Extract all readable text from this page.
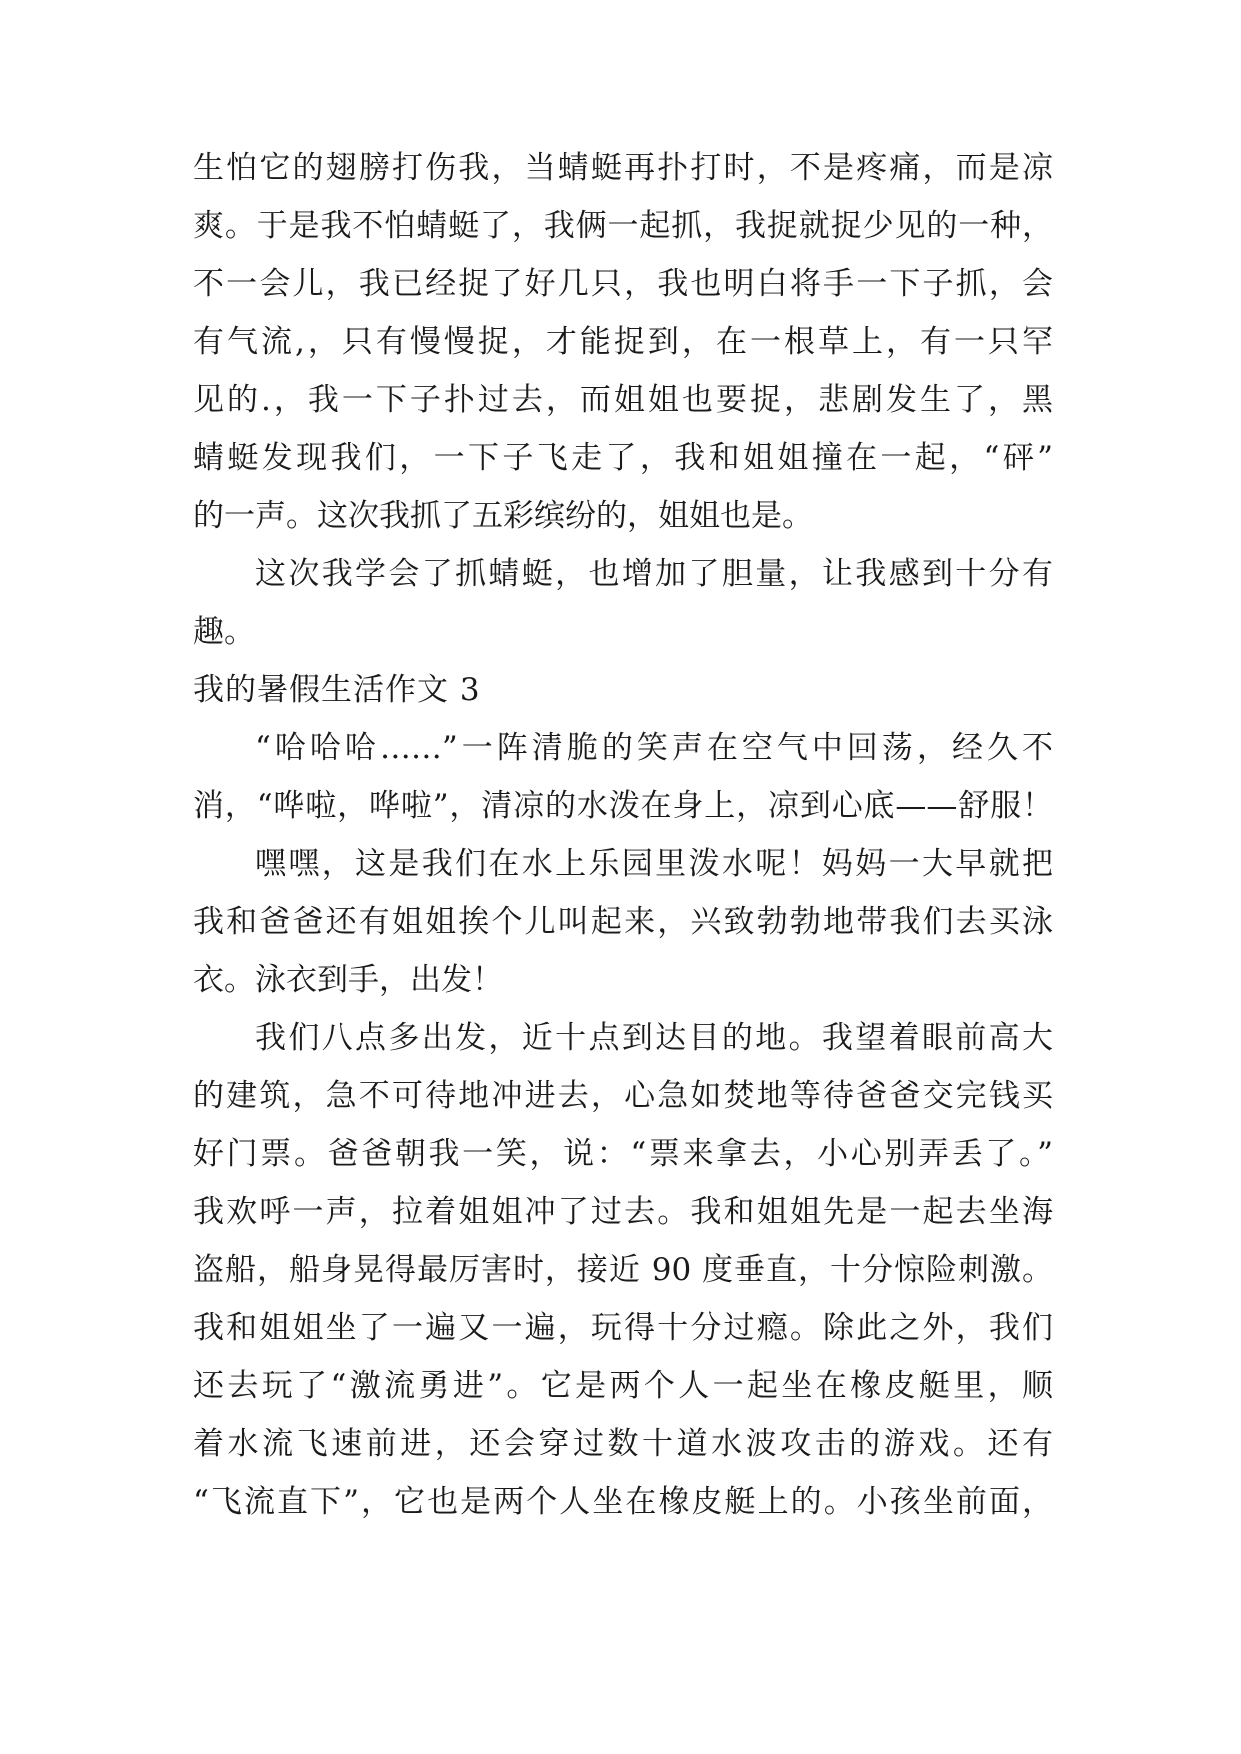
生怕它的翅膀打伤我，当蜻蜓再扑打时，不是疼痛，而是凉
爽。于是我不怕蜻蜓了，我俩一起抓，我捉就捉少见的一种，
不一会儿，我已经捉了好几只，我也明白将手一下子抓，会
有气流,，只有慢慢捉，才能捉到，在一根草上，有一只罕
见的.，我一下子扑过去，而姐姐也要捉，悲剧发生了，黑
蜻蜓发现我们，一下子飞走了，我和姐姐撞在一起，“砰”
的一声。这次我抓了五彩缤纷的，姐姐也是。
这次我学会了抓蜻蜓，也增加了胆量，让我感到十分有
趣。
我的暑假生活作文 3
“哈哈哈……”一阵清脆的笑声在空气中回荡，经久不
消，“哗啦，哗啦”，清凉的水泼在身上，凉到心底——舒服！
嘿嘿，这是我们在水上乐园里泼水呢！妈妈一大早就把
我和爸爸还有姐姐挨个儿叫起来，兴致勃勃地带我们去买泳
衣。泳衣到手，出发！
我们八点多出发，近十点到达目的地。我望着眼前高大
的建筑，急不可待地冲进去，心急如焚地等待爸爸交完钱买
好门票。爸爸朝我一笑，说：“票来拿去，小心别弄丢了。”
我欢呼一声，拉着姐姐冲了过去。我和姐姐先是一起去坐海
盗船，船身晃得最厉害时，接近 90 度垂直，十分惊险刺激。
我和姐姐坐了一遍又一遍，玩得十分过瘾。除此之外，我们
还去玩了“激流勇进”。它是两个人一起坐在橡皮艇里，顺
着水流飞速前进，还会穿过数十道水波攻击的游戏。还有
“飞流直下”，它也是两个人坐在橡皮艇上的。小孩坐前面，
